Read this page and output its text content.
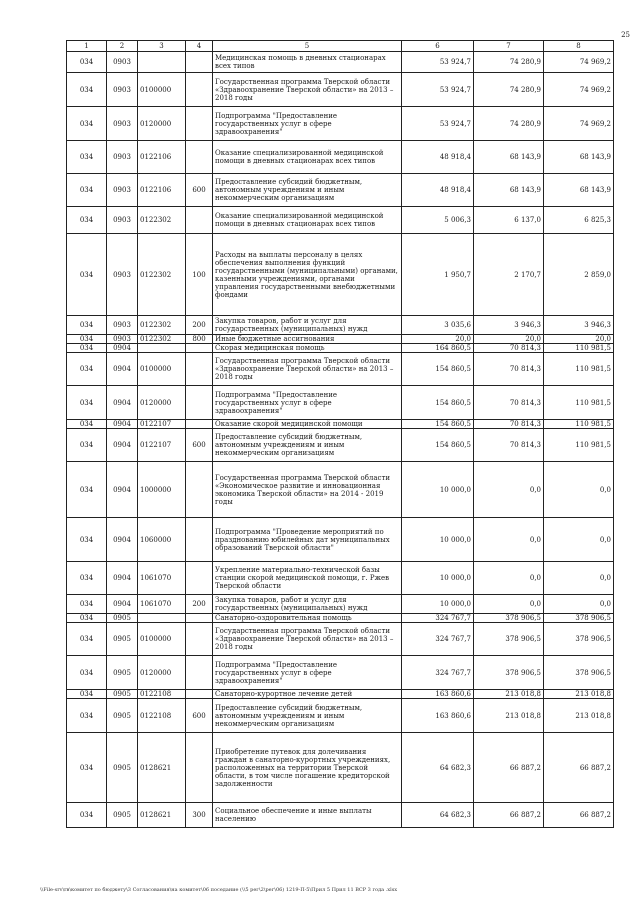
25
1	2	3	4	5	6	7	8
034	0903			Медицинская помощь в дневных стационарах всех типов	53 924,7	74 280,9	74 969,2
034	0903	0100000		Государственная программа Тверской области «Здравоохранение Тверской области» на 2013 – 2018 годы	53 924,7	74 280,9	74 969,2
034	0903	0120000		Подпрограмма "Предоставление государственных услуг в сфере здравоохранения"	53 924,7	74 280,9	74 969,2
034	0903	0122106		Оказание специализированной медицинской помощи в дневных стационарах всех типов	48 918,4	68 143,9	68 143,9
034	0903	0122106	600	Предоставление субсидий бюджетным, автономным учреждениям и иным некоммерческим организациям	48 918,4	68 143,9	68 143,9
034	0903	0122302		Оказание специализированной медицинской помощи в дневных стационарах всех типов	5 006,3	6 137,0	6 825,3
034	0903	0122302	100	Расходы на выплаты персоналу в целях обеспечения выполнения функций государственными (муниципальными) органами, казенными учреждениями, органами управления государственными внебюджетными фондами	1 950,7	2 170,7	2 859,0
034	0903	0122302	200	Закупка товаров, работ и услуг для государственных (муниципальных) нужд	3 035,6	3 946,3	3 946,3
034	0903	0122302	800	Иные бюджетные ассигнования	20,0	20,0	20,0
034	0904			Скорая медицинская помощь	164 860,5	70 814,3	110 981,5
034	0904	0100000		Государственная программа Тверской области «Здравоохранение Тверской области» на 2013 – 2018 годы	154 860,5	70 814,3	110 981,5
034	0904	0120000		Подпрограмма "Предоставление государственных услуг в сфере здравоохранения"	154 860,5	70 814,3	110 981,5
034	0904	0122107		Оказание скорой медицинской помощи	154 860,5	70 814,3	110 981,5
034	0904	0122107	600	Предоставление субсидий бюджетным, автономным учреждениям и иным некоммерческим организациям	154 860,5	70 814,3	110 981,5
034	0904	1000000		Государственная программа Тверской области «Экономическое развитие и инновационная экономика Тверской области» на 2014 - 2019 годы	10 000,0	0,0	0,0
034	0904	1060000		Подпрограмма "Проведение мероприятий по празднованию юбилейных дат муниципальных образований Тверской области"	10 000,0	0,0	0,0
034	0904	1061070		Укрепление материально-технической базы станции скорой медицинской помощи, г. Ржев Тверской области	10 000,0	0,0	0,0
034	0904	1061070	200	Закупка товаров, работ и услуг для государственных (муниципальных) нужд	10 000,0	0,0	0,0
034	0905			Санаторно-оздоровительная помощь	324 767,7	378 906,5	378 906,5
034	0905	0100000		Государственная программа Тверской области «Здравоохранение Тверской области» на 2013 – 2018 годы	324 767,7	378 906,5	378 906,5
034	0905	0120000		Подпрограмма "Предоставление государственных услуг в сфере здравоохранения"	324 767,7	378 906,5	378 906,5
034	0905	0122108		Санаторно-курортное лечение детей	163 860,6	213 018,8	213 018,8
034	0905	0122108	600	Предоставление субсидий бюджетным, автономным учреждениям и иным некоммерческим организациям	163 860,6	213 018,8	213 018,8
034	0905	0128621		Приобретение путевок для долечивания граждан в санаторно-курортных учреждениях, расположенных на территории Тверской области, в том числе погашение кредиторской задолженности	64 682,3	66 887,2	66 887,2
034	0905	0128621	300	Социальное обеспечение и иные выплаты населению	64 682,3	66 887,2	66 887,2
\\File-srv\rв\комитет по бюджету\3 Согласования\на комитет\06 поседание (\\5 рег\2\рег\06) 1219-П-5\Прил 5 Прил 11 ВСР 3 года .xlsx
